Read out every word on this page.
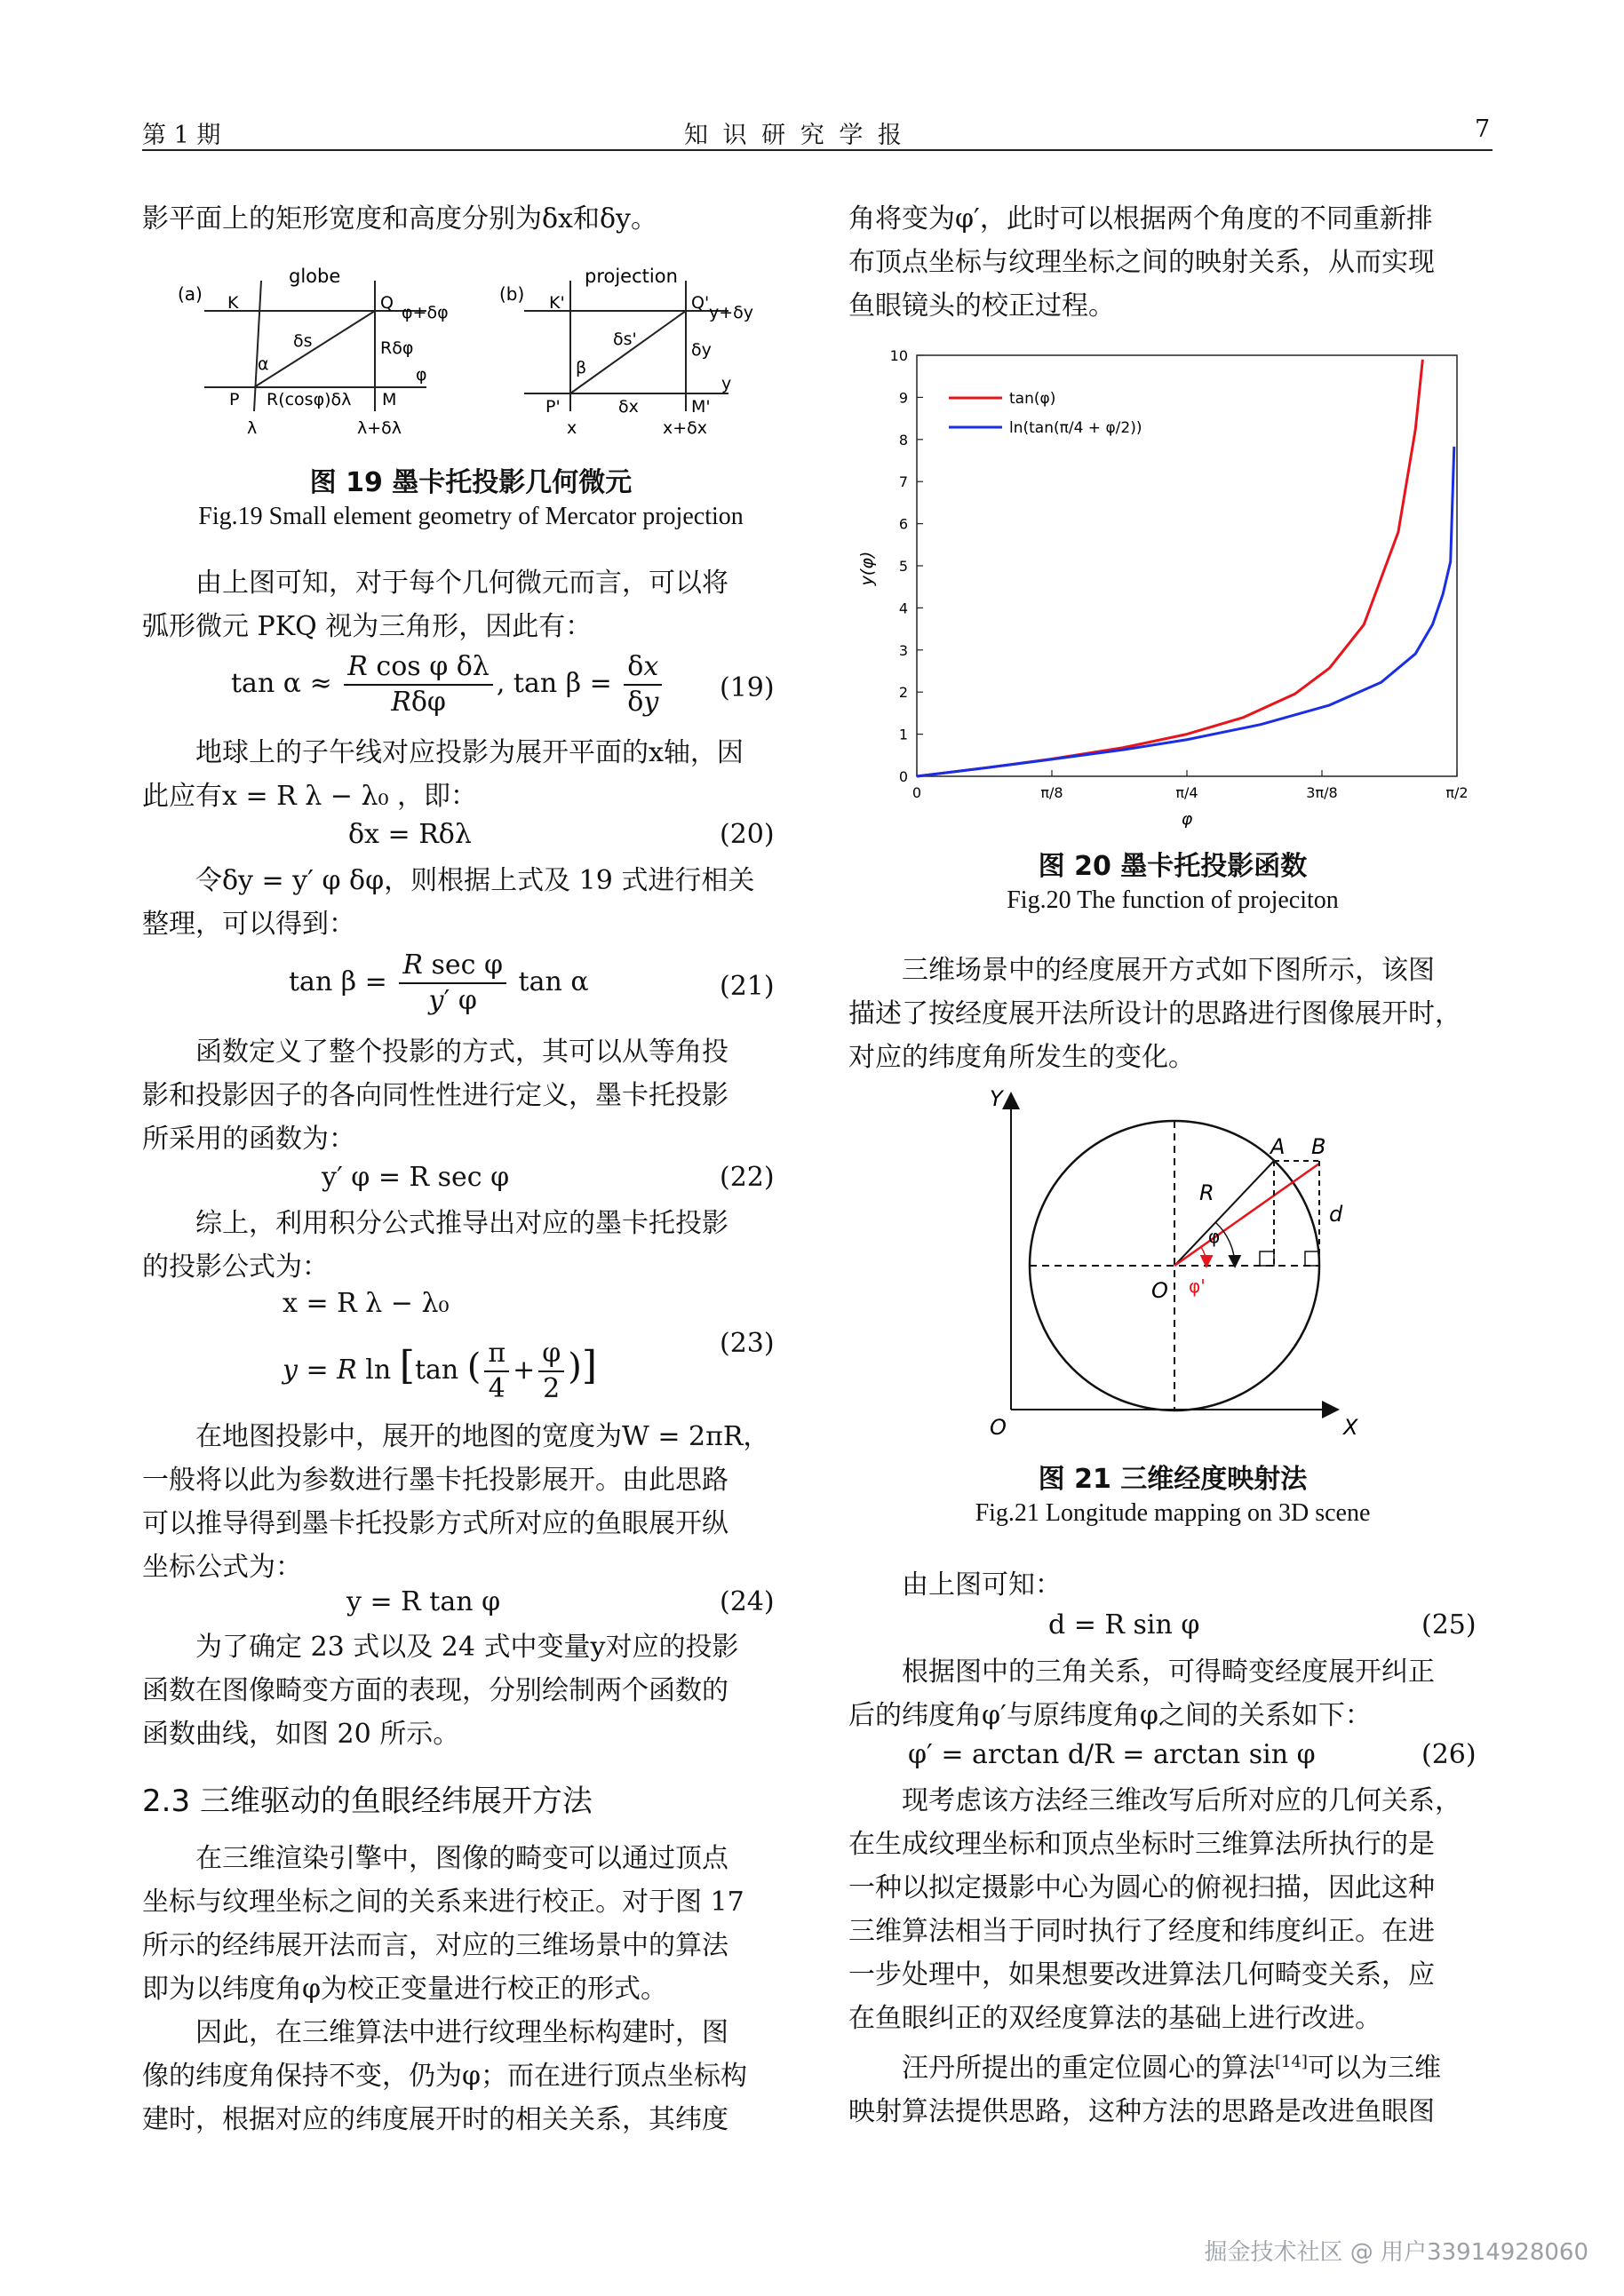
第 1 期	知 识 研 究 学 报	7

影平面上的矩形宽度和高度分别为δx和δy。

(a)
globe
K	Q φ+δφ
δs
α
Rδφ
P R(cosφ)δλ M
φ
λ	λ+δλ
(b)
projection
K'	Q' y+δy
δs'
β
δy
P'	δx	M'
y
x	x+δx
图 19 墨卡托投影几何微元
Fig.19 Small element geometry of Mercator projection

由上图可知，对于每个几何微元而言，可以将

弧形微元 PKQ 视为三角形，因此有：

$\tan \alpha \approx \frac{\text{R cos φ δλ}}{\text{Rδφ}}$ , $\tan \beta = \frac{\delta x}{\delta y} (19)$

地球上的子午线对应投影为展开平面的x轴，因

此应有x = R λ − λ₀ ，即：

δx = Rδλ	(20)

令δy = y′ φ δφ，则根据上式及 19 式进行相关

整理，可以得到：

$\tan \beta = \frac{\text{R sec φ}}{y' \varphi}$ tan α	(21)

函数定义了整个投影的方式，其可以从等角投

影和投影因子的各向同性性进行定义，墨卡托投影

所采用的函数为：

y′ φ = R sec φ	(22)

综上，利用积分公式推导出对应的墨卡托投影

的投影公式为：

x = R λ − λ₀
y = R ln [tan ( $\frac{\pi}{4} + \frac{\varphi}{2}$ )]	(23)

在地图投影中，展开的地图的宽度为W = 2πR，

一般将以此为参数进行墨卡托投影展开。由此思路

可以推导得到墨卡托投影方式所对应的鱼眼展开纵

坐标公式为：

y = R tan φ	(24)

为了确定 23 式以及 24 式中变量y对应的投影

函数在图像畸变方面的表现，分别绘制两个函数的

函数曲线，如图 20 所示。

2.3 三维驱动的鱼眼经纬展开方法

在三维渲染引擎中，图像的畸变可以通过顶点

坐标与纹理坐标之间的关系来进行校正。对于图 17

所示的经纬展开法而言，对应的三维场景中的算法

即为以纬度角φ为校正变量进行校正的形式。

因此，在三维算法中进行纹理坐标构建时，图

像的纬度角保持不变，仍为φ；而在进行顶点坐标构

建时，根据对应的纬度展开时的相关关系，其纬度

角将变为φ′，此时可以根据两个角度的不同重新排

布顶点坐标与纹理坐标之间的映射关系，从而实现

鱼眼镜头的校正过程。

0
1
2
3
4
5
6
7
8
9
10
0	π/8	π/4	3π/8	π/2
tan(φ)
ln(tan(π/4 + φ/2))
y(φ)
φ
图 20 墨卡托投影函数
Fig.20 The function of projeciton

三维场景中的经度展开方式如下图所示，该图

描述了按经度展开法所设计的思路进行图像展开时，

对应的纬度角所发生的变化。

Y
X
O
A B
R
d
O
φ
φ'
图 21 三维经度映射法
Fig.21 Longitude mapping on 3D scene

由上图可知：

d = R sin φ	(25)

根据图中的三角关系，可得畸变经度展开纠正

后的纬度角φ′与原纬度角φ之间的关系如下：

φ′ = arctan d/R = arctan sin φ	(26)

现考虑该方法经三维改写后所对应的几何关系，

在生成纹理坐标和顶点坐标时三维算法所执行的是

一种以拟定摄影中心为圆心的俯视扫描，因此这种

三维算法相当于同时执行了经度和纬度纠正。在进

一步处理中，如果想要改进算法几何畸变关系，应

在鱼眼纠正的双经度算法的基础上进行改进。

汪丹所提出的重定位圆心的算法[14]可以为三维

映射算法提供思路，这种方法的思路是改进鱼眼图

掘金技术社区 @ 用户33914928060
